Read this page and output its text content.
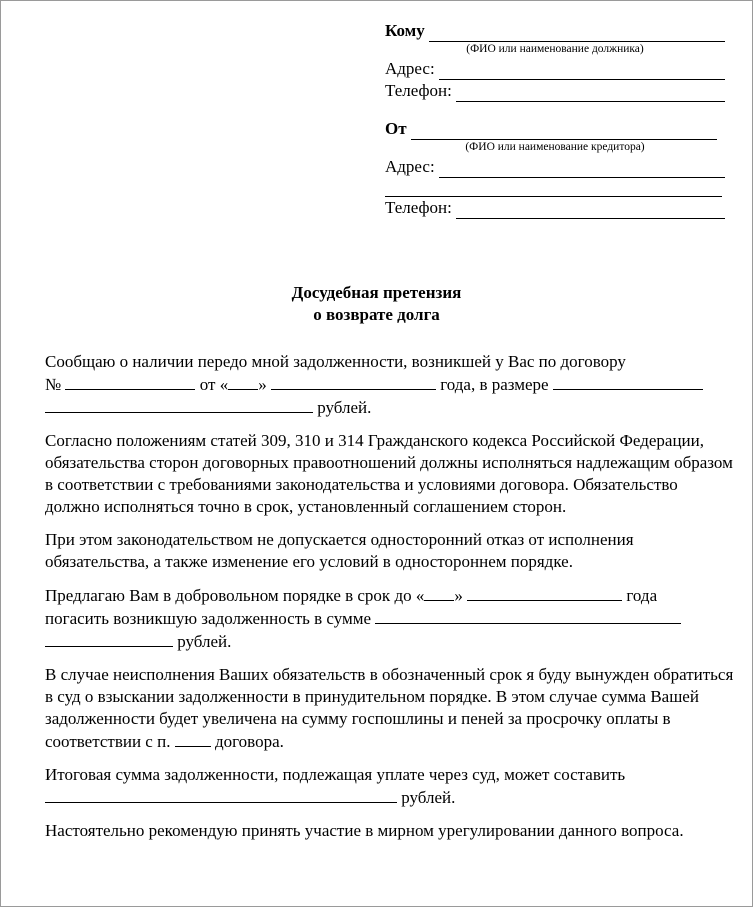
Кому
(ФИО или наименование должника)
Адрес:
Телефон:
От
(ФИО или наименование кредитора)
Адрес:
Телефон:
Досудебная претензия
о возврате долга

Сообщаю о наличии передо мной задолженности, возникшей у Вас по договору
№	от « »	года, в размере
рублей.

Согласно положениям статей 309, 310 и 314 Гражданского кодекса Российской Федерации, обязательства сторон договорных правоотношений должны исполняться надлежащим образом в соответствии с требованиями законодательства и условиями договора. Обязательство должно исполняться точно в срок, установленный соглашением сторон.

При этом законодательством не допускается односторонний отказ от исполнения обязательства, а также изменение его условий в одностороннем порядке.

Предлагаю Вам в добровольном порядке в срок до « »	года
погасить возникшую задолженность в сумме
рублей.

В случае неисполнения Ваших обязательств в обозначенный срок я буду вынужден обратиться в суд о взыскании задолженности в принудительном порядке. В этом случае сумма Вашей задолженности будет увеличена на сумму госпошлины и пеней за просрочку оплаты в соответствии с п.	договора.

Итоговая сумма задолженности, подлежащая уплате через суд, может составить
рублей.

Настоятельно рекомендую принять участие в мирном урегулировании данного вопроса.
